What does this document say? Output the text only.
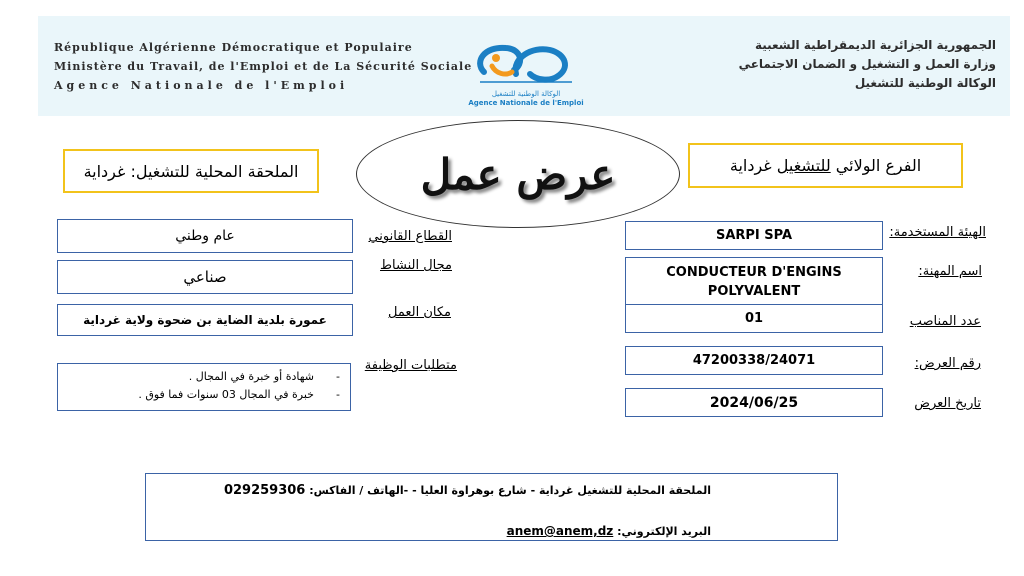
République Algérienne Démocratique et Populaire
Ministère du Travail, de l'Emploi et de La Sécurité Sociale
Agence Nationale de l'Emploi
الوكالة الوطنية للتشغيل
Agence Nationale de l'Emploi
الجمهورية الجزائرية الديمقراطية الشعبية
وزارة العمل و التشغيل و الضمان الاجتماعي
الوكالة الوطنية للتشغيل
الملحقة المحلية للتشغيل: غرداية	عرض عمل	الفرع الولائي للتشغيل غرداية
الهيئة المستخدمة:
SARPI SPA
اسم المهنة:
CONDUCTEUR D'ENGINS
POLYVALENT
عدد المناصب
01
رقم العرض:
47200338/24071
تاريخ العرض
2024/06/25
القطاع القانوني
عام وطني
مجال النشاط
صناعي
مكان العمل
عمورة بلدية الضاية بن ضحوة ولاية غرداية
متطلبات الوظيفة
-شهادة أو خبرة في المجال .
-خبرة في المجال 03 سنوات فما فوق .
الملحقة المحلية للتشغيل غرداية - شارع بوهراوة العليا - -الهاتف / الفاكس: 029259306
البريد الإلكتروني: anem@anem,dz
